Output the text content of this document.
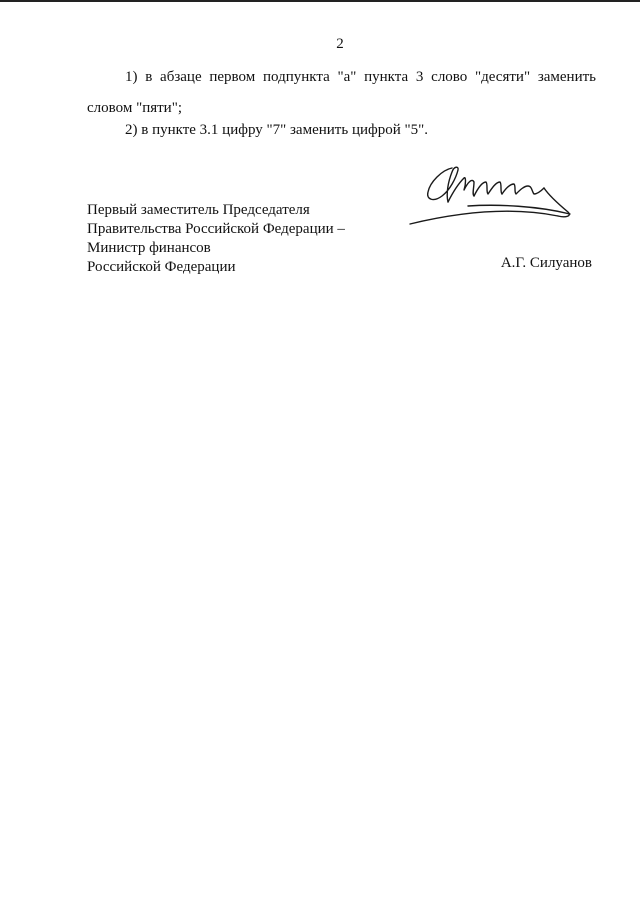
2

1) в абзаце первом подпункта "а" пункта 3 слово "десяти" заменить словом "пяти";

2) в пункте 3.1 цифру "7" заменить цифрой "5".

Первый заместитель Председателя
Правительства Российской Федерации –
Министр финансов
Российской Федерации	А.Г. Силуанов
